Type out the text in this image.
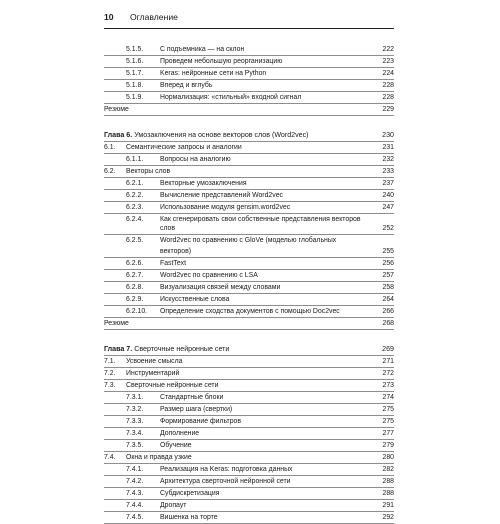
10 Оглавление
5.1.5.	С подъемника — на склон	222
5.1.6.	Проведем небольшую реорганизацию	223
5.1.7.	Keras: нейронные сети на Python	224
5.1.8.	Вперед и вглубь	228
5.1.9.	Нормализация: «стильный» входной сигнал	228
Резюме	229
Глава 6. Умозаключения на основе векторов слов (Word2vec)	230
6.1.	Семантические запросы и аналогии	231
6.1.1.	Вопросы на аналогию	232
6.2.	Векторы слов	233
6.2.1.	Векторные умозаключения	237
6.2.2.	Вычисление представлений Word2vec	240
6.2.3.	Использование модуля gensim.word2vec	247
6.2.4.	Как сгенерировать свои собственные представления векторов слов	252
6.2.5.	Word2vec по сравнению с GloVe (моделью глобальных векторов)	255
6.2.6.	FastText	256
6.2.7.	Word2vec по сравнению с LSA	257
6.2.8.	Визуализация связей между словами	258
6.2.9.	Искусственные слова	264
6.2.10.	Определение сходства документов с помощью Doc2vec	266
Резюме	268
Глава 7. Сверточные нейронные сети	269
7.1.	Усвоение смысла	271
7.2.	Инструментарий	272
7.3.	Сверточные нейронные сети	273
7.3.1.	Стандартные блоки	274
7.3.2.	Размер шага (свертки)	275
7.3.3.	Формирование фильтров	275
7.3.4.	Дополнение	277
7.3.5.	Обучение	279
7.4.	Окна и правда узкие	280
7.4.1.	Реализация на Keras: подготовка данных	282
7.4.2.	Архитектура сверточной нейронной сети	288
7.4.3.	Субдискретизация	288
7.4.4.	Дропаут	291
7.4.5.	Вишенка на торте	292
